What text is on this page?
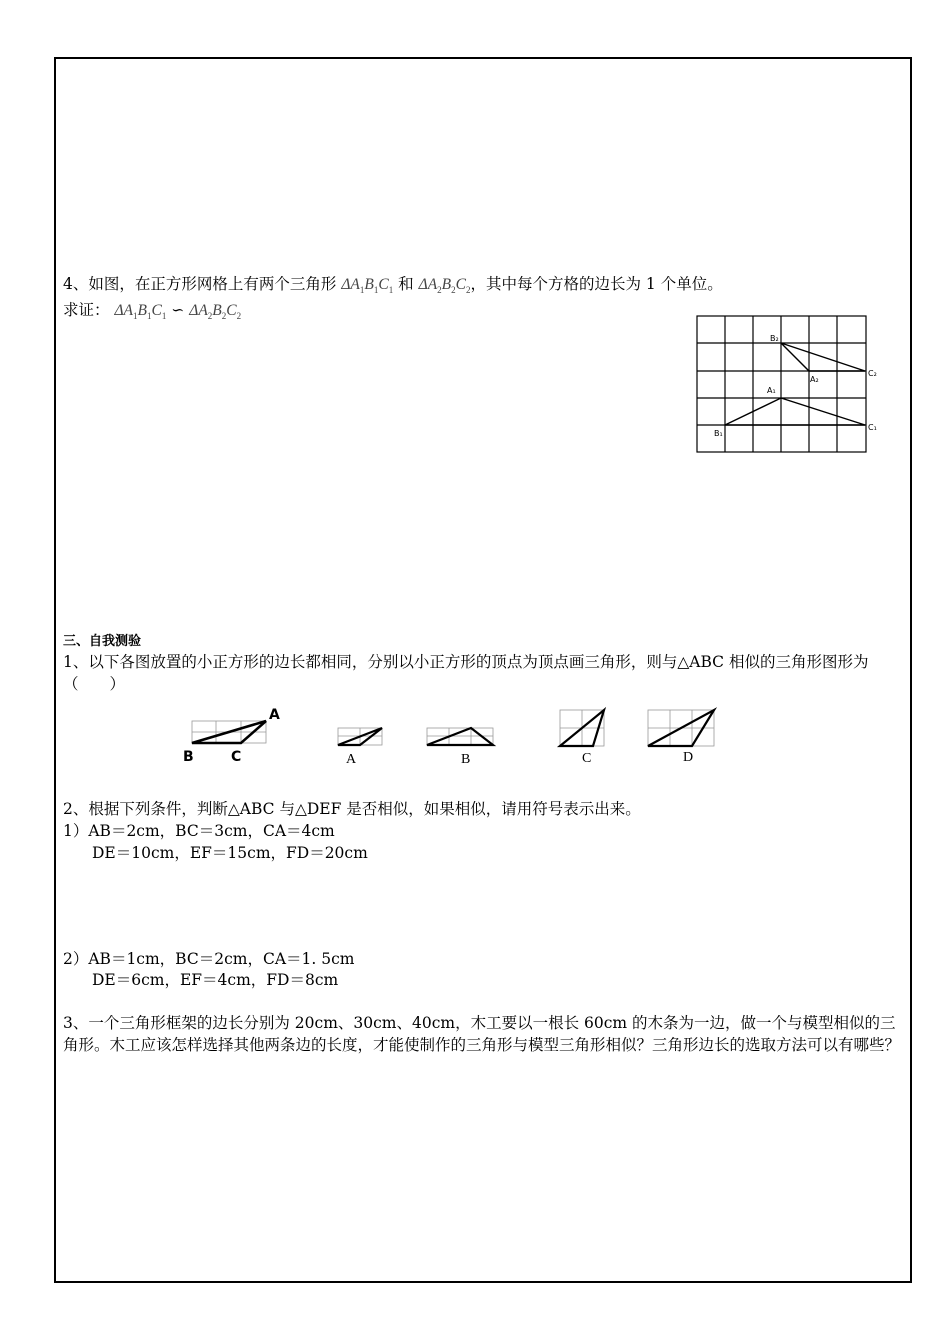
4、如图，在正方形网格上有两个三角形 $\Delta A_1B_1C_1$ 和 $\Delta A_2B_2C_2$，其中每个方格的边长为 1 个单位。
求证： $\Delta A_1B_1C_1$ ∽ $\Delta A_2B_2C_2$
B₂
A₂
C₂
A₁
B₁
C₁
三、自我测验
1、以下各图放置的小正方形的边长都相同，分别以小正方形的顶点为顶点画三角形，则与△ABC 相似的三角形图形为（　　）
A
B	C	A	B	C	D
2、根据下列条件，判断△ABC 与△DEF 是否相似，如果相似，请用符号表示出来。
1）AB＝2cm，BC＝3cm，CA＝4cm
DE＝10cm，EF＝15cm，FD＝20cm
2）AB＝1cm，BC＝2cm，CA＝1. 5cm
DE＝6cm，EF＝4cm，FD＝8cm
3、一个三角形框架的边长分别为 20cm、30cm、40cm，木工要以一根长 60cm 的木条为一边，做一个与模型相似的三角形。木工应该怎样选择其他两条边的长度，才能使制作的三角形与模型三角形相似？三角形边长的选取方法可以有哪些？
